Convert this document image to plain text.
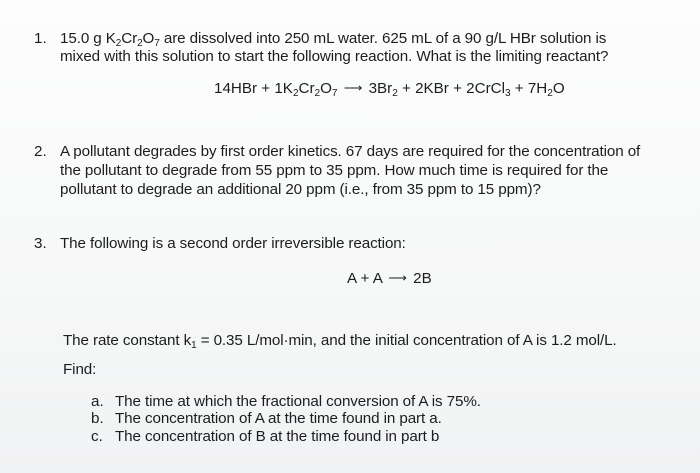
1. 15.0 g $K_2Cr_2O_7$ are dissolved into 250 mL water. 625 mL of a 90 g/L HBr solution is
mixed with this solution to start the following reaction. What is the limiting reactant?
$14HBr + 1K_2Cr_2O_7$ ⟶ $3Br_2 + 2KBr$ + 2CrCl$_3$ + $7H_2O$
2. A pollutant degrades by first order kinetics. 67 days are required for the concentration of
the pollutant to degrade from 55 ppm to 35 ppm. How much time is required for the
pollutant to degrade an additional 20 ppm (i.e., from 35 ppm to 15 ppm)?
3. The following is a second order irreversible reaction:
A + A ⟶ 2B
The rate constant $k_1 = 0.35$ L/mol·min, and the initial concentration of A is 1.2 mol/L.
Find:
a. The time at which the fractional conversion of A is 75%.
b. The concentration of A at the time found in part a.
c. The concentration of B at the time found in part b
